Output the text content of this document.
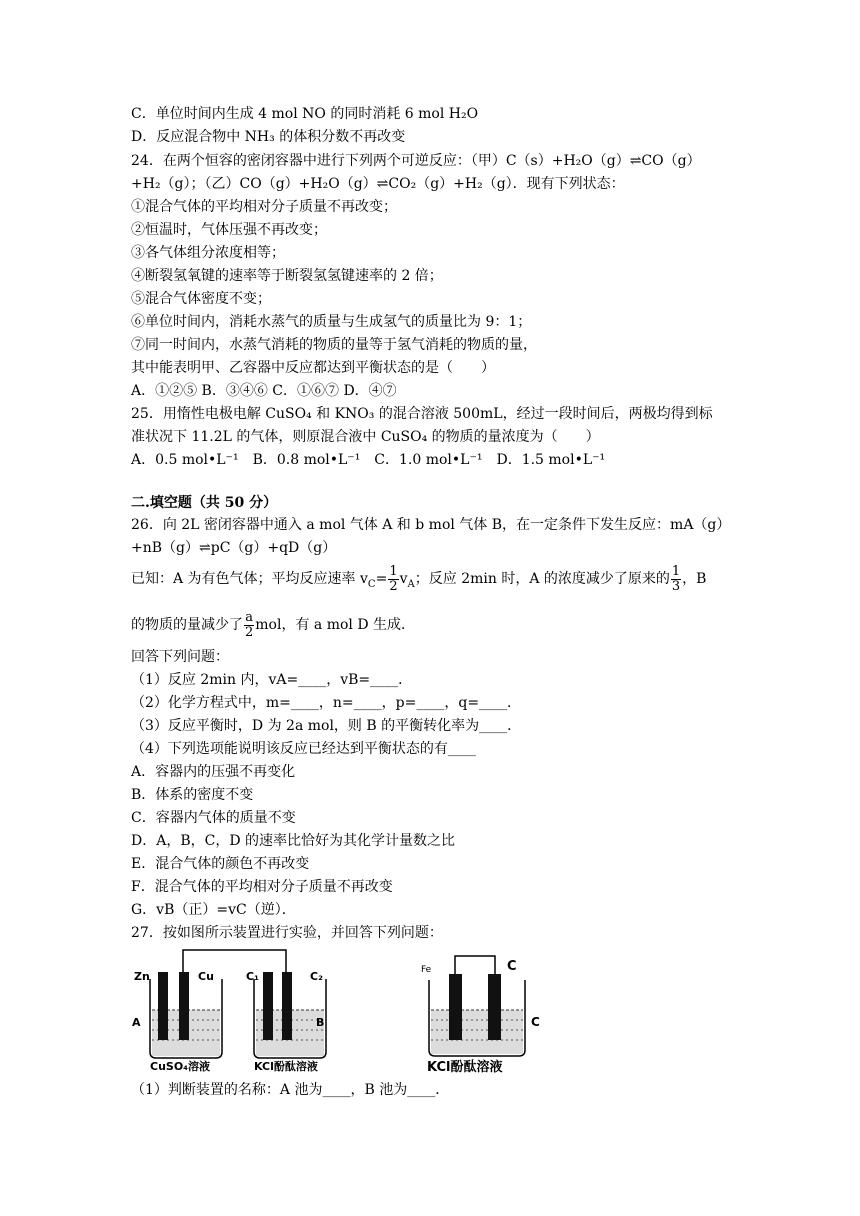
C．单位时间内生成 4 mol NO 的同时消耗 6 mol H₂O
D．反应混合物中 NH₃ 的体积分数不再改变
24．在两个恒容的密闭容器中进行下列两个可逆反应：（甲）C（s）+H₂O（g）⇌CO（g）
+H₂（g）；（乙）CO（g）+H₂O（g）⇌CO₂（g）+H₂（g）．现有下列状态：
①混合气体的平均相对分子质量不再改变；
②恒温时，气体压强不再改变；
③各气体组分浓度相等；
④断裂氢氧键的速率等于断裂氢氢键速率的 2 倍；
⑤混合气体密度不变；
⑥单位时间内，消耗水蒸气的质量与生成氢气的质量比为 9：1；
⑦同一时间内，水蒸气消耗的物质的量等于氢气消耗的物质的量，
其中能表明甲、乙容器中反应都达到平衡状态的是（　　）
A．①②⑤ B．③④⑥ C．①⑥⑦ D．④⑦
25．用惰性电极电解 CuSO₄ 和 KNO₃ 的混合溶液 500mL，经过一段时间后，两极均得到标
准状况下 11.2L 的气体，则原混合液中 CuSO₄ 的物质的量浓度为（　　）
A．0.5 mol•L⁻¹　B．0.8 mol•L⁻¹　C．1.0 mol•L⁻¹　D．1.5 mol•L⁻¹
二.填空题（共 50 分）
26．向 2L 密闭容器中通入 a mol 气体 A 和 b mol 气体 B，在一定条件下发生反应：mA（g）
+nB（g）⇌pC（g）+qD（g）
已知：A 为有色气体；平均反应速率 $v_C= \frac{1}{2} v_A$；反应 2min 时，A 的浓度减少了原来的 $\frac{1}{3}$ ，B
的物质的量减少了 $\frac{a}{2}$ mol，有 a mol D 生成．
回答下列问题：
（1）反应 2min 内，vA=____，vB=____．
（2）化学方程式中，m=____，n=____，p=____，q=____．
（3）反应平衡时，D 为 2a mol，则 B 的平衡转化率为____．
（4）下列选项能说明该反应已经达到平衡状态的有____
A．容器内的压强不再变化
B．体系的密度不变
C．容器内气体的质量不变
D．A，B，C，D 的速率比恰好为其化学计量数之比
E．混合气体的颜色不再改变
F．混合气体的平均相对分子质量不再改变
G．vB（正）=vC（逆）．
27．按如图所示装置进行实验，并回答下列问题：
Zn	Cu	C₁	C₂
A	B
CuSO₄溶液	KCl酚酞溶液
Fe	C
C
KCl酚酞溶液
（1）判断装置的名称：A 池为____，B 池为____．
